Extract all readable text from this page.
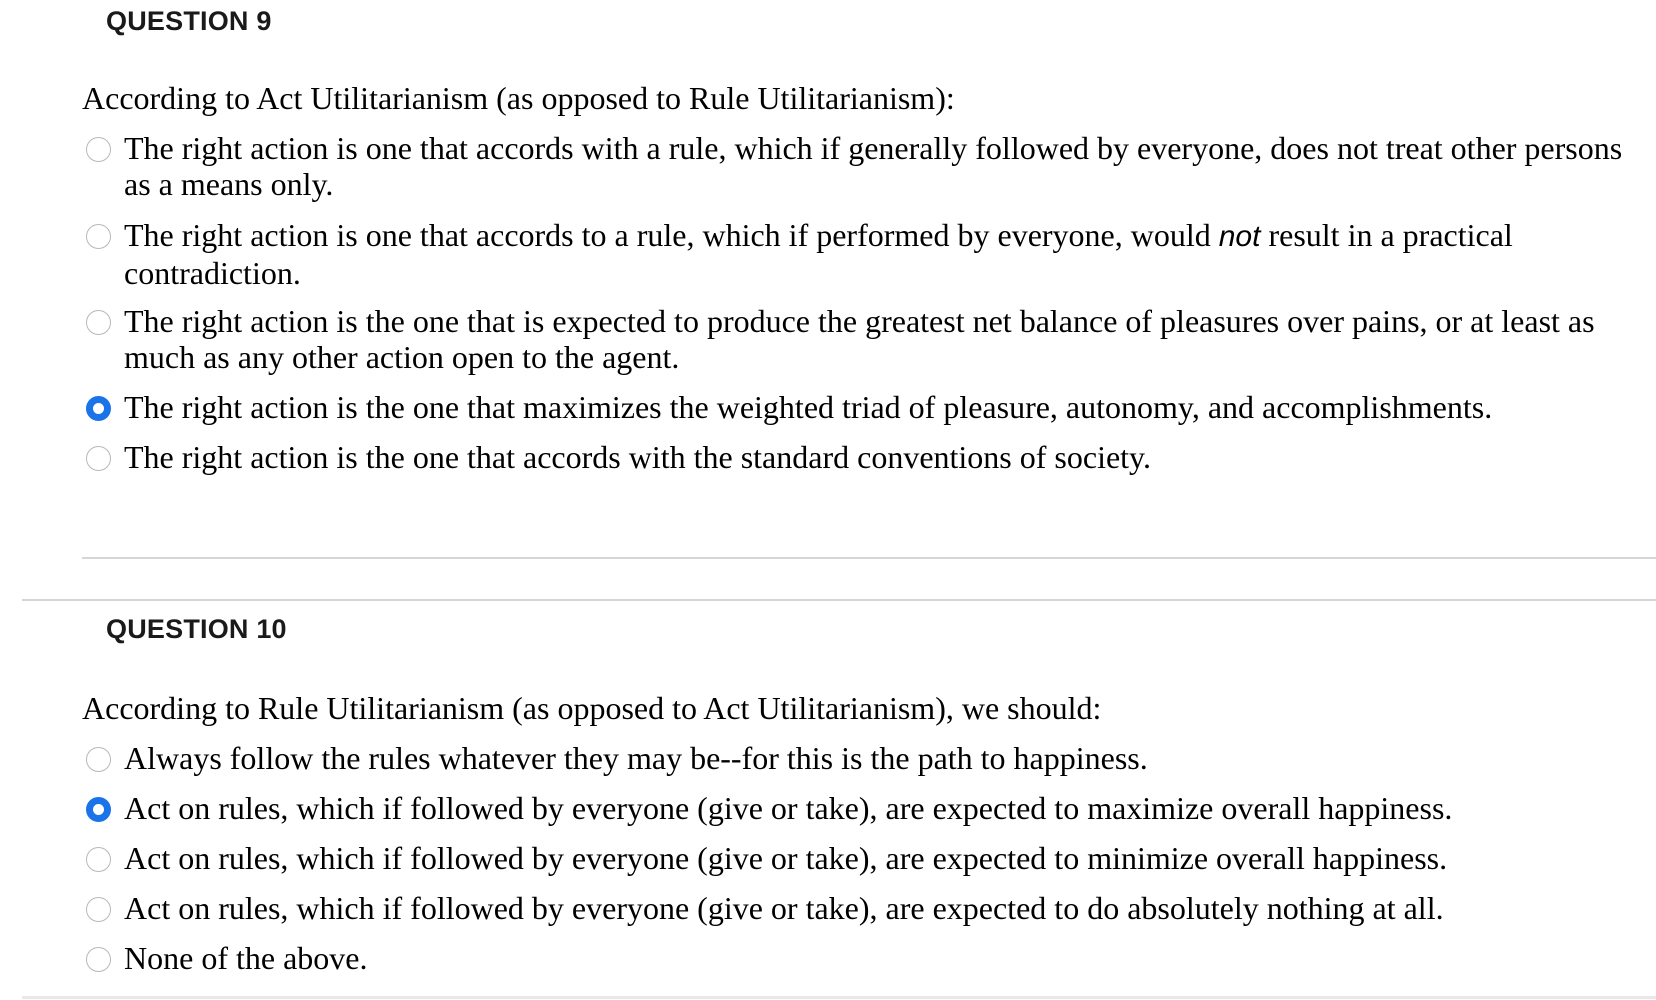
QUESTION 9
According to Act Utilitarianism (as opposed to Rule Utilitarianism):
The right action is one that accords with a rule, which if generally followed by everyone, does not treat other persons as a means only.
The right action is one that accords to a rule, which if performed by everyone, would not result in a practical contradiction.
The right action is the one that is expected to produce the greatest net balance of pleasures over pains, or at least as much as any other action open to the agent.
The right action is the one that maximizes the weighted triad of pleasure, autonomy, and accomplishments.
The right action is the one that accords with the standard conventions of society.
QUESTION 10
According to Rule Utilitarianism (as opposed to Act Utilitarianism), we should:
Always follow the rules whatever they may be--for this is the path to happiness.
Act on rules, which if followed by everyone (give or take), are expected to maximize overall happiness.
Act on rules, which if followed by everyone (give or take), are expected to minimize overall happiness.
Act on rules, which if followed by everyone (give or take), are expected to do absolutely nothing at all.
None of the above.
